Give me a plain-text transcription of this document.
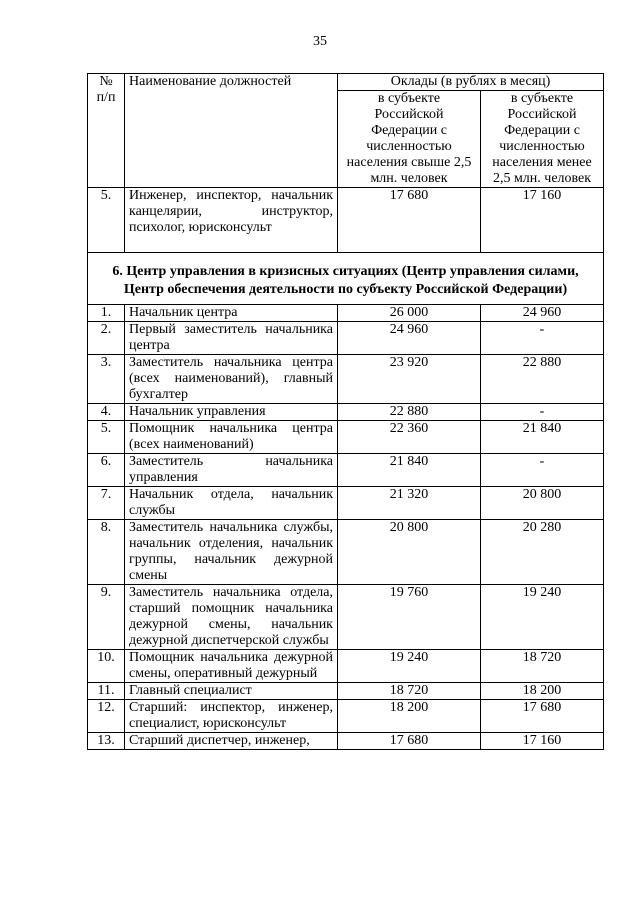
35
№
п/п	Наименование должностей	Оклады (в рублях в месяц)	
		в субъекте Российской Федерации с численностью населения свыше 2,5 млн. человек	в субъекте Российской Федерации с численностью населения менее 2,5 млн. человек
5.	Инженер, инспектор, начальник канцелярии, инструктор, психолог, юрисконсульт	17 680	17 160
6. Центр управления в кризисных ситуациях (Центр управления силами, Центр обеспечения деятельности по субъекту Российской Федерации)			
1.	Начальник центра	26 000	24 960
2.	Первый заместитель начальника центра	24 960	-
3.	Заместитель начальника центра (всех наименований), главный бухгалтер	23 920	22 880
4.	Начальник управления	22 880	-
5.	Помощник начальника центра (всех наименований)	22 360	21 840
6.	Заместитель начальника управления	21 840	-
7.	Начальник отдела, начальник службы	21 320	20 800
8.	Заместитель начальника службы, начальник отделения, начальник группы, начальник дежурной смены	20 800	20 280
9.	Заместитель начальника отдела, старший помощник начальника дежурной смены, начальник дежурной диспетчерской службы	19 760	19 240
10.	Помощник начальника дежурной смены, оперативный дежурный	19 240	18 720
11.	Главный специалист	18 720	18 200
12.	Старший: инспектор, инженер, специалист, юрисконсульт	18 200	17 680
13.	Старший диспетчер, инженер,	17 680	17 160
